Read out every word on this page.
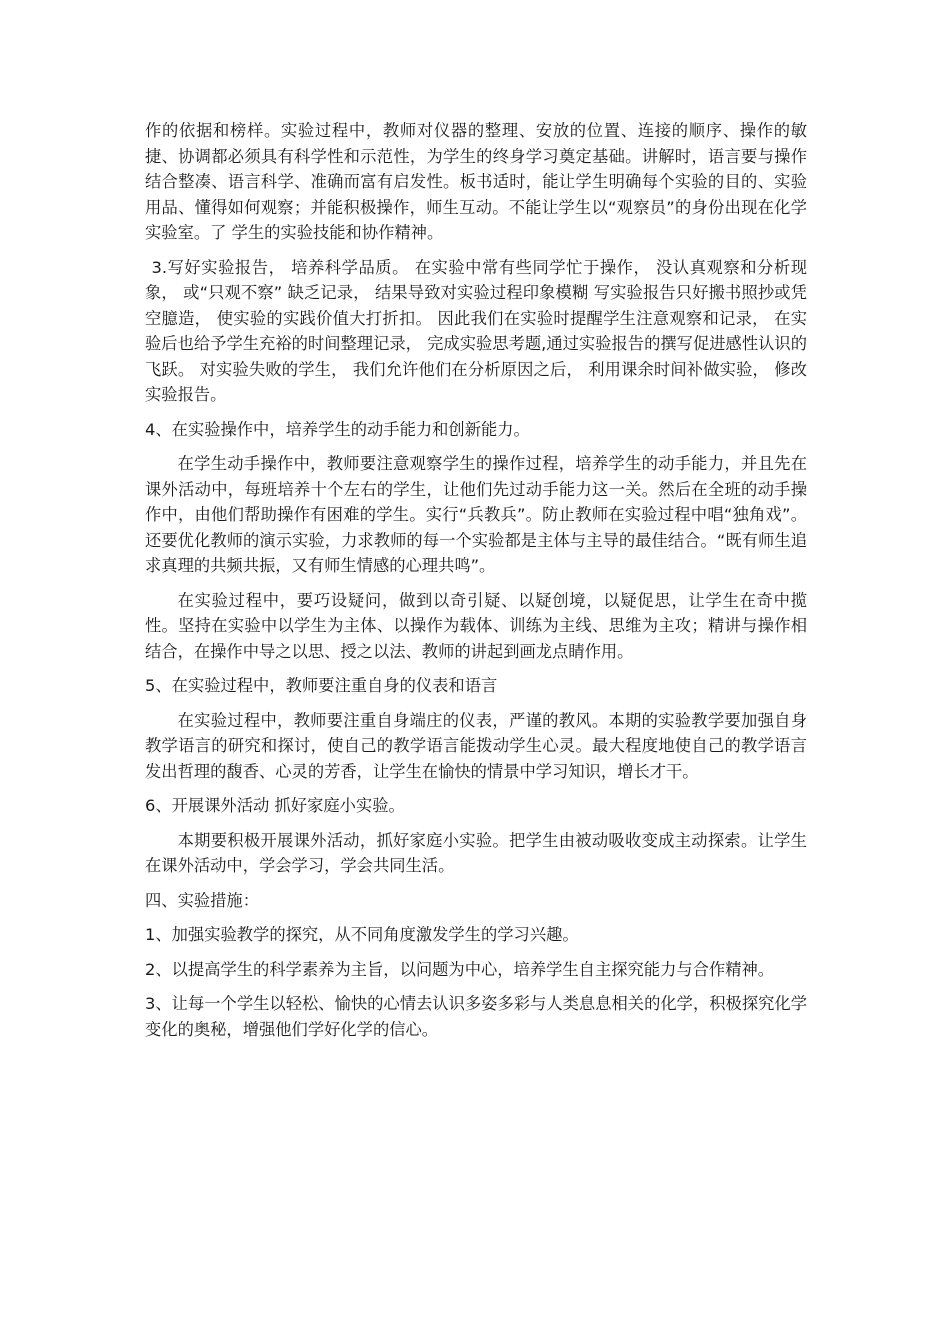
作的依据和榜样。实验过程中，教师对仪器的整理、安放的位置、连接的顺序、操作的敏捷、协调都必须具有科学性和示范性，为学生的终身学习奠定基础。讲解时，语言要与操作结合整凑、语言科学、准确而富有启发性。板书适时，能让学生明确每个实验的目的、实验用品、懂得如何观察；并能积极操作，师生互动。不能让学生以“观察员”的身份出现在化学实验室。了 学生的实验技能和协作精神。

3.写好实验报告， 培养科学品质。 在实验中常有些同学忙于操作， 没认真观察和分析现象， 或“只观不察” 缺乏记录， 结果导致对实验过程印象模糊 写实验报告只好搬书照抄或凭空臆造， 使实验的实践价值大打折扣。 因此我们在实验时提醒学生注意观察和记录， 在实验后也给予学生充裕的时间整理记录， 完成实验思考题,通过实验报告的撰写促进感性认识的飞跃。 对实验失败的学生， 我们允许他们在分析原因之后， 利用课余时间补做实验， 修改实验报告。

4、在实验操作中，培养学生的动手能力和创新能力。

在学生动手操作中，教师要注意观察学生的操作过程，培养学生的动手能力，并且先在课外活动中，每班培养十个左右的学生，让他们先过动手能力这一关。然后在全班的动手操作中，由他们帮助操作有困难的学生。实行“兵教兵”。防止教师在实验过程中唱“独角戏”。还要优化教师的演示实验，力求教师的每一个实验都是主体与主导的最佳结合。“既有师生追求真理的共频共振，又有师生情感的心理共鸣”。

在实验过程中，要巧设疑问，做到以奇引疑、以疑创境，以疑促思，让学生在奇中揽性。坚持在实验中以学生为主体、以操作为载体、训练为主线、思维为主攻；精讲与操作相结合，在操作中导之以思、授之以法、教师的讲起到画龙点睛作用。

5、在实验过程中，教师要注重自身的仪表和语言

在实验过程中，教师要注重自身端庄的仪表，严谨的教风。本期的实验教学要加强自身教学语言的研究和探讨，使自己的教学语言能拨动学生心灵。最大程度地使自己的教学语言发出哲理的馥香、心灵的芳香，让学生在愉快的情景中学习知识，增长才干。

6、开展课外活动 抓好家庭小实验。

本期要积极开展课外活动，抓好家庭小实验。把学生由被动吸收变成主动探索。让学生在课外活动中，学会学习，学会共同生活。

四、实验措施：

1、加强实验教学的探究，从不同角度激发学生的学习兴趣。

2、以提高学生的科学素养为主旨，以问题为中心，培养学生自主探究能力与合作精神。

3、让每一个学生以轻松、愉快的心情去认识多姿多彩与人类息息相关的化学，积极探究化学变化的奥秘，增强他们学好化学的信心。
